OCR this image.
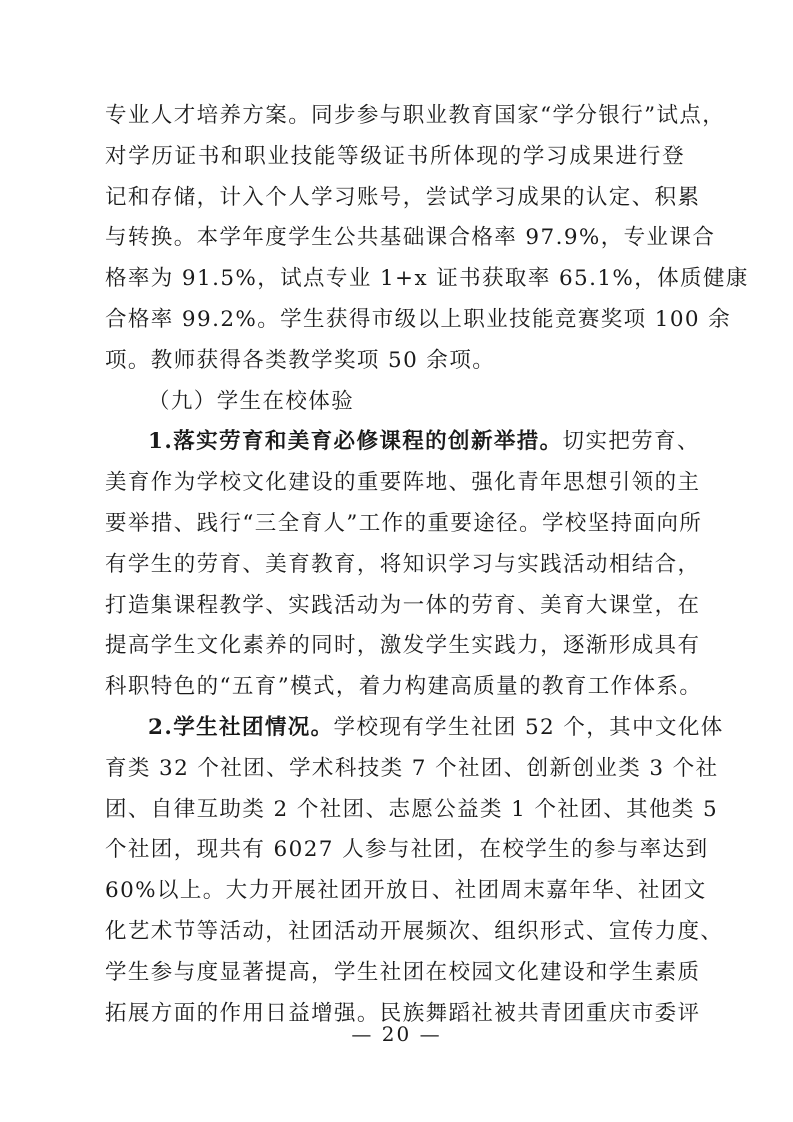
专业人才培养方案。同步参与职业教育国家“学分银行”试点，
对学历证书和职业技能等级证书所体现的学习成果进行登
记和存储，计入个人学习账号，尝试学习成果的认定、积累
与转换。本学年度学生公共基础课合格率 97.9%，专业课合
格率为 91.5%，试点专业 1+x 证书获取率 65.1%，体质健康
合格率 99.2%。学生获得市级以上职业技能竞赛奖项 100 余
项。教师获得各类教学奖项 50 余项。
（九）学生在校体验
1.落实劳育和美育必修课程的创新举措。切实把劳育、
美育作为学校文化建设的重要阵地、强化青年思想引领的主
要举措、践行“三全育人”工作的重要途径。学校坚持面向所
有学生的劳育、美育教育，将知识学习与实践活动相结合，
打造集课程教学、实践活动为一体的劳育、美育大课堂，在
提高学生文化素养的同时，激发学生实践力，逐渐形成具有
科职特色的“五育”模式，着力构建高质量的教育工作体系。
2.学生社团情况。学校现有学生社团 52 个，其中文化体
育类 32 个社团、学术科技类 7 个社团、创新创业类 3 个社
团、自律互助类 2 个社团、志愿公益类 1 个社团、其他类 5
个社团，现共有 6027 人参与社团，在校学生的参与率达到
— 20 —
60%以上。大力开展社团开放日、社团周末嘉年华、社团文
化艺术节等活动，社团活动开展频次、组织形式、宣传力度、
学生参与度显著提高，学生社团在校园文化建设和学生素质
拓展方面的作用日益增强。民族舞蹈社被共青团重庆市委评
